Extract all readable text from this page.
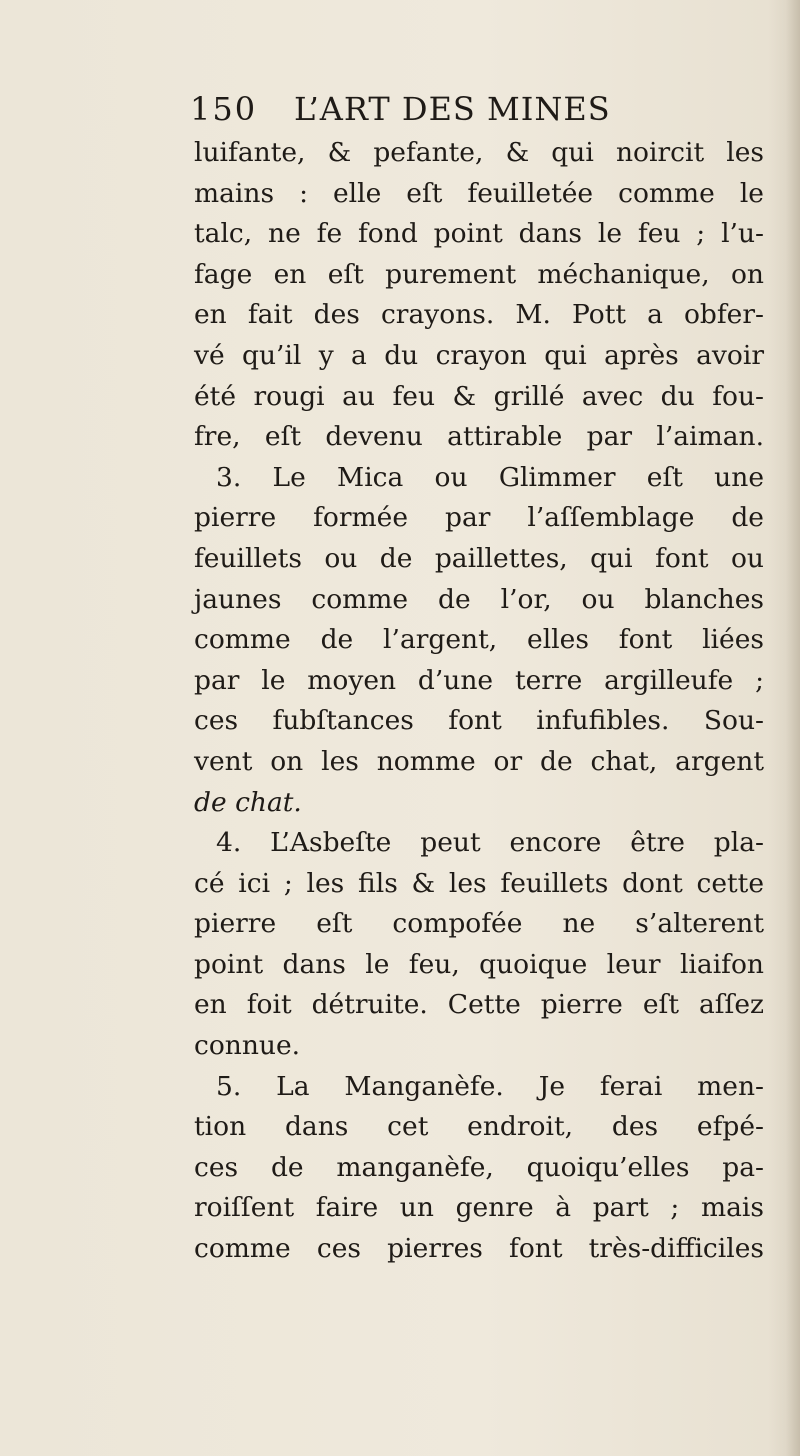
150 L’ART DES MINES
luifante, & pefante, & qui noircit les
mains : elle eſt feuilletée comme le
talc, ne fe fond point dans le feu ; l’u-
fage en eſt purement méchanique, on
en fait des crayons. M. Pott a obfer-
vé qu’il y a du crayon qui après avoir
été rougi au feu & grillé avec du fou-
fre, eſt devenu attirable par l’aiman.
3. Le Mica ou Glimmer eſt une
pierre formée par l’aſſemblage de
feuillets ou de paillettes, qui font ou
jaunes comme de l’or, ou blanches
comme de l’argent, elles font liées
par le moyen d’une terre argilleufe ;
ces fubſtances font infufibles. Sou-
vent on les nomme or de chat, argent
de chat.
4. L’Asbeſte peut encore être pla-
cé ici ; les fils & les feuillets dont cette
pierre eſt compofée ne s’alterent
point dans le feu, quoique leur liaifon
en foit détruite. Cette pierre eſt aſſez
connue.
5. La Manganèfe. Je ferai men-
tion dans cet endroit, des efpé-
ces de manganèfe, quoiqu’elles pa-
roiſſent faire un genre à part ; mais
comme ces pierres font très-difficiles
